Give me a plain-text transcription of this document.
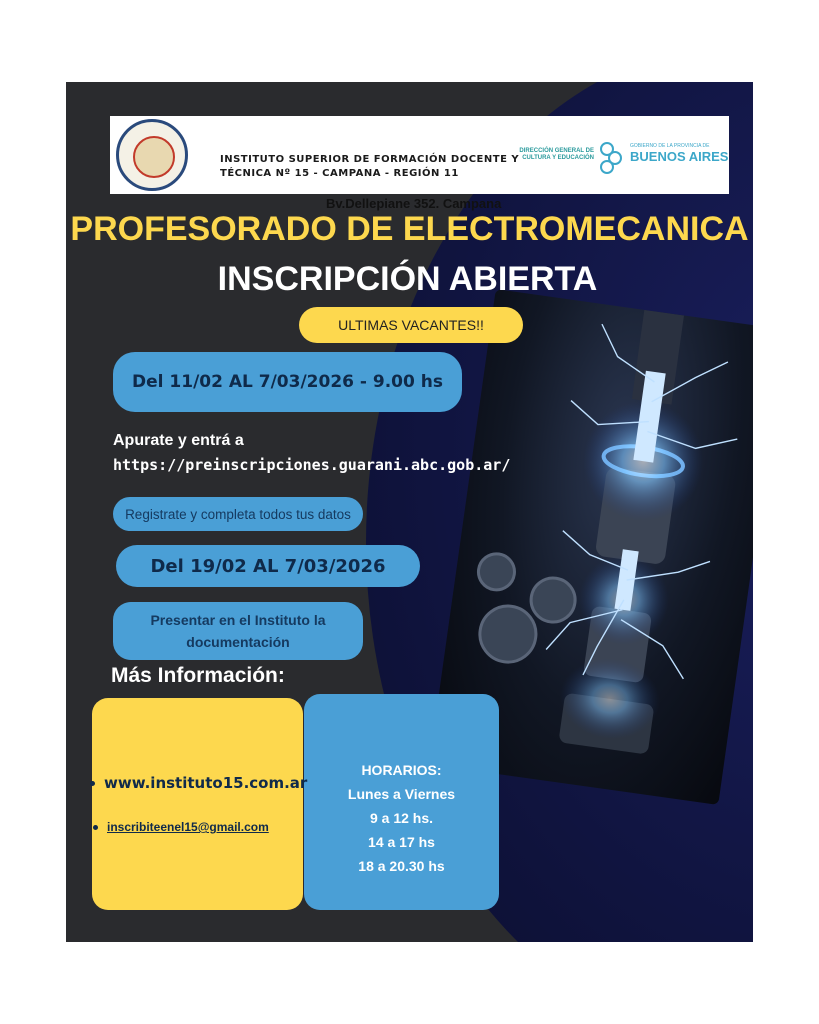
INSTITUTO SUPERIOR DE FORMACIÓN DOCENTE Y
TÉCNICA Nº 15 - CAMPANA - REGIÓN 11
DIRECCIÓN GENERAL DE
CULTURA Y EDUCACIÓN
GOBIERNO DE LA PROVINCIA DE
BUENOS AIRES
Bv.Dellepiane 352. Campana
PROFESORADO DE ELECTROMECANICA
INSCRIPCIÓN ABIERTA
ULTIMAS VACANTES!!
Del 11/02 AL 7/03/2026 - 9.00 hs
Apurate y entrá a
https://preinscripciones.guarani.abc.gob.ar/
Registrate y completa todos tus datos
Del 19/02 AL 7/03/2026
Presentar en el Instituto la
documentación
Más Información:
www.instituto15.com.ar
inscribiteenel15@gmail.com
HORARIOS:
Lunes a Viernes
9 a 12 hs.
14 a 17 hs
18 a 20.30 hs
